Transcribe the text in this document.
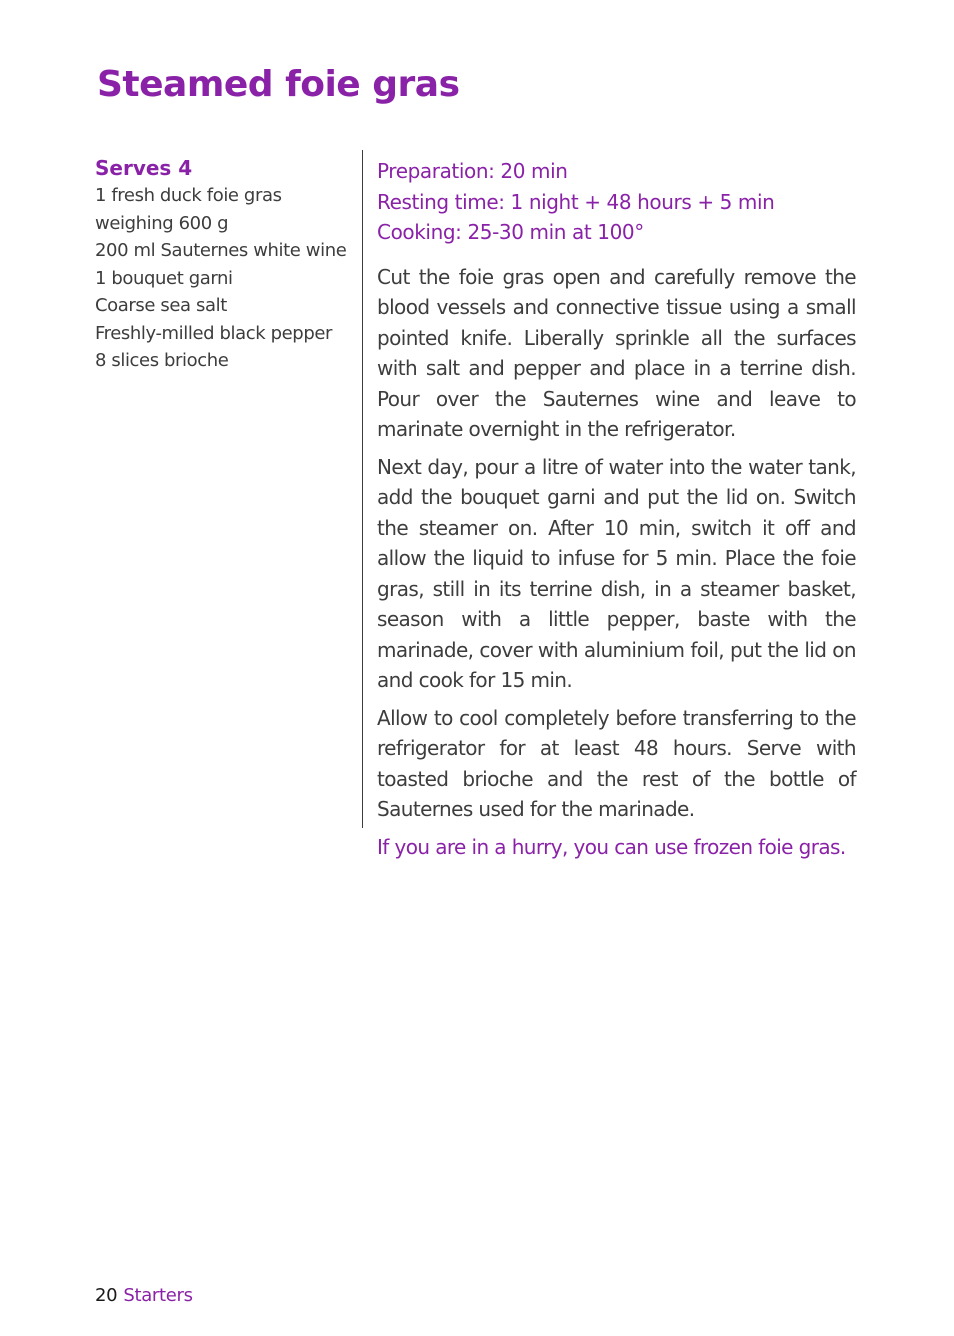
Steamed foie gras

Serves 4

1 fresh duck foie gras
weighing 600 g
200 ml Sauternes white wine
1 bouquet garni
Coarse sea salt
Freshly-milled black pepper
8 slices brioche
Preparation: 20 min
Resting time: 1 night + 48 hours + 5 min
Cooking: 25-30 min at 100°

Cut the foie gras open and carefully remove the blood vessels and connective tissue using a small pointed knife. Liberally sprinkle all the surfaces with salt and pepper and place in a terrine dish. Pour over the Sauternes wine and leave to marinate overnight in the refrigerator.

Next day, pour a litre of water into the water tank, add the bouquet garni and put the lid on. Switch the steamer on. After 10 min, switch it off and allow the liquid to infuse for 5 min. Place the foie gras, still in its terrine dish, in a steamer basket, season with a little pepper, baste with the marinade, cover with aluminium foil, put the lid on and cook for 15 min.

Allow to cool completely before transferring to the refrigerator for at least 48 hours. Serve with toasted brioche and the rest of the bottle of Sauternes used for the marinade.

If you are in a hurry, you can use frozen foie gras.

20 Starters
